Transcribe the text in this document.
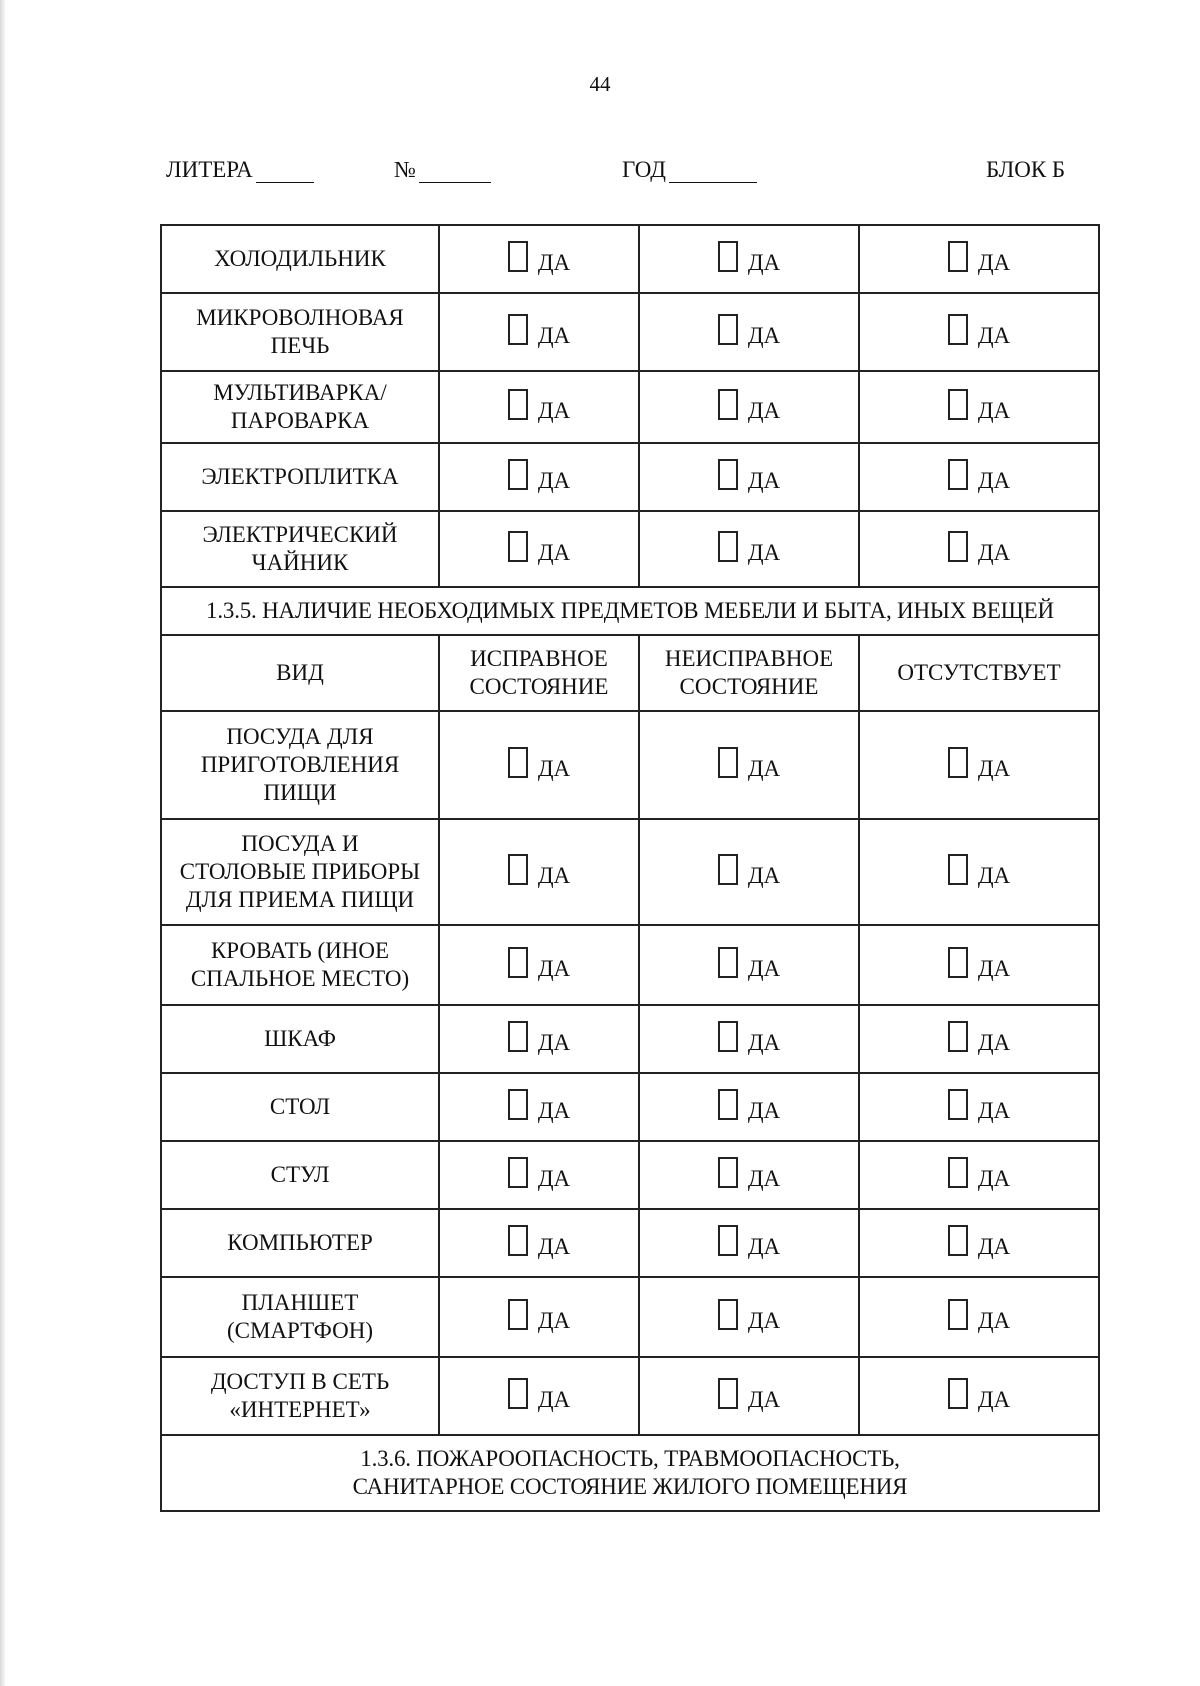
44
ЛИТЕРА	№	ГОД	БЛОК Б
ХОЛОДИЛЬНИК	ДА	ДА	ДА

МИКРОВОЛНОВАЯ
ПЕЧЬ	ДА	ДА	ДА

МУЛЬТИВАРКА/
ПАРОВАРКА	ДА	ДА	ДА

ЭЛЕКТРОПЛИТКА	ДА	ДА	ДА

ЭЛЕКТРИЧЕСКИЙ
ЧАЙНИК	ДА	ДА	ДА

1.3.5. НАЛИЧИЕ НЕОБХОДИМЫХ ПРЕДМЕТОВ МЕБЕЛИ И БЫТА, ИНЫХ ВЕЩЕЙ			
ВИД	ИСПРАВНОЕ СОСТОЯНИЕ	НЕИСПРАВНОЕ СОСТОЯНИЕ	ОТСУТСТВУЕТ
ПОСУДА ДЛЯ
ПРИГОТОВЛЕНИЯ
ПИЩИ	ДА	ДА	ДА

ПОСУДА И
СТОЛОВЫЕ ПРИБОРЫ
ДЛЯ ПРИЕМА ПИЩИ	ДА	ДА	ДА

КРОВАТЬ (ИНОЕ
СПАЛЬНОЕ МЕСТО)	ДА	ДА	ДА

ШКАФ	ДА	ДА	ДА

СТОЛ	ДА	ДА	ДА

СТУЛ	ДА	ДА	ДА

КОМПЬЮТЕР	ДА	ДА	ДА

ПЛАНШЕТ
(СМАРТФОН)	ДА	ДА	ДА

ДОСТУП В СЕТЬ
«ИНТЕРНЕТ»	ДА	ДА	ДА

1.3.6. ПОЖАРООПАСНОСТЬ, ТРАВМООПАСНОСТЬ,
САНИТАРНОЕ СОСТОЯНИЕ ЖИЛОГО ПОМЕЩЕНИЯ			
